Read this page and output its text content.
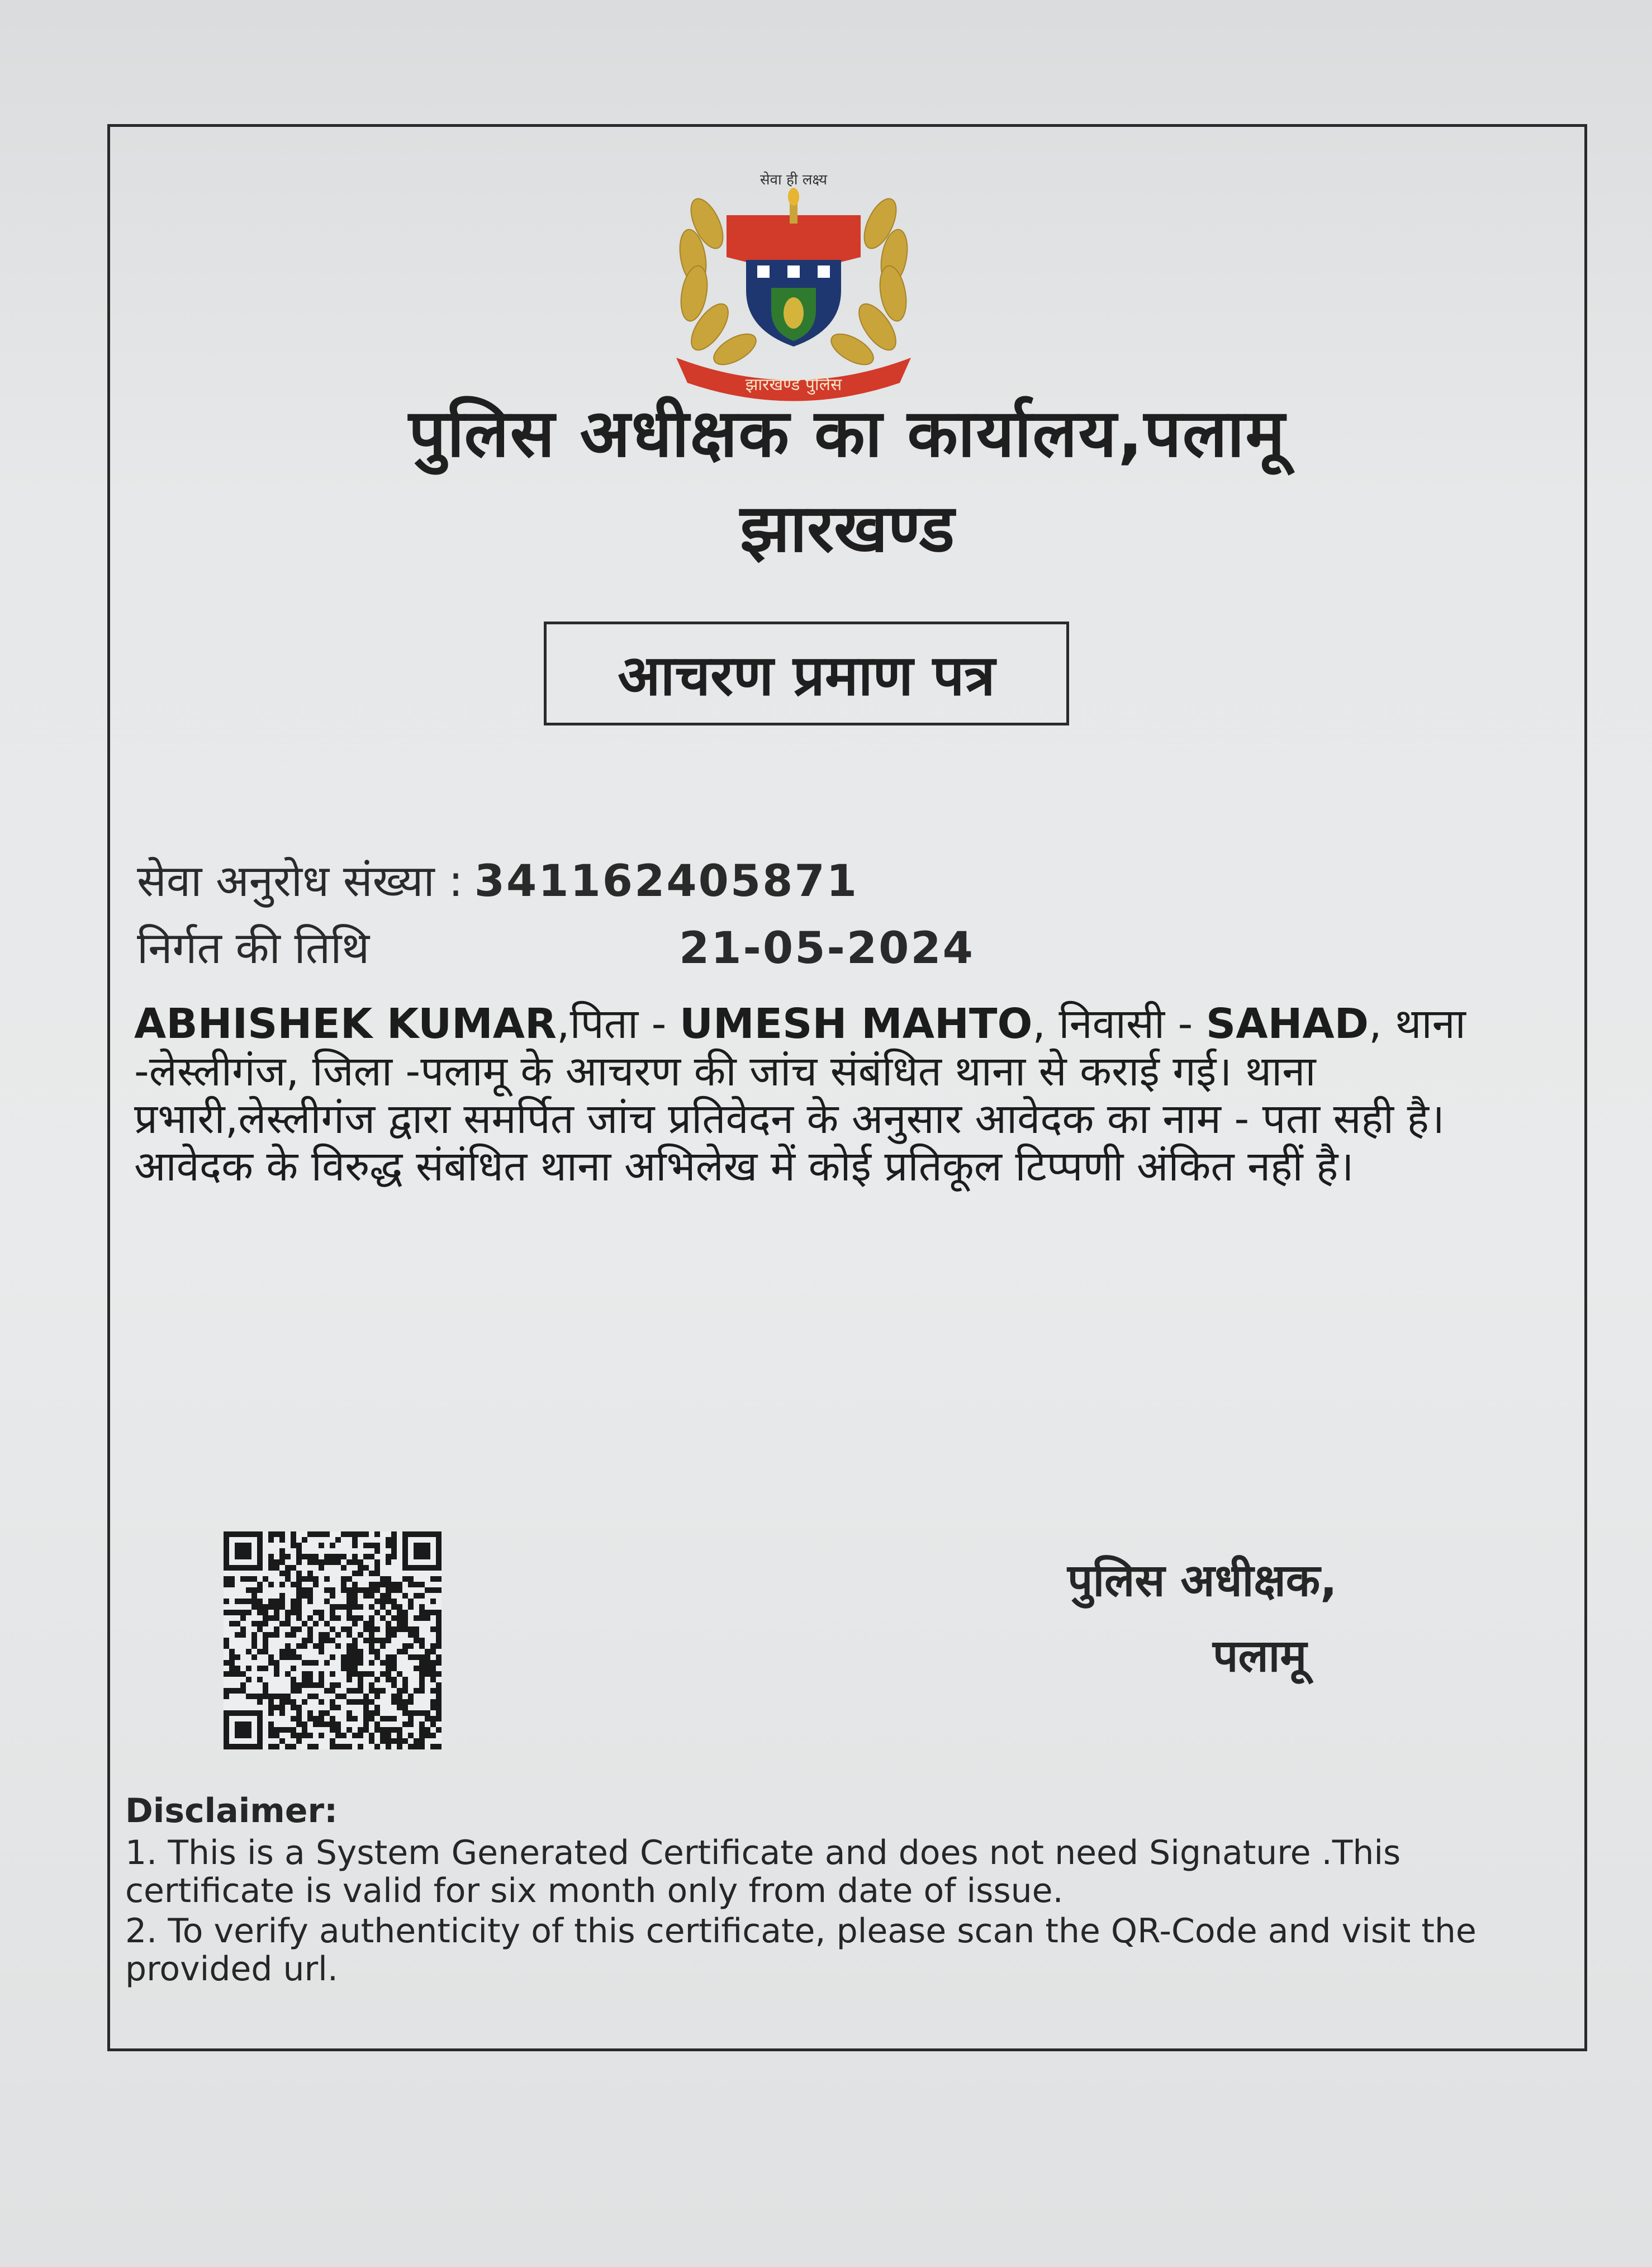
सेवा ही लक्ष्य
झारखण्ड पुलिस
पुलिस अधीक्षक का कार्यालय,पलामू
झारखण्ड
आचरण प्रमाण पत्र
सेवा अनुरोध संख्या : 341162405871
निर्गत की तिथि	21-05-2024
ABHISHEK KUMAR,पिता - UMESH MAHTO, निवासी - SAHAD, थाना -लेस्लीगंज, जिला -पलामू के आचरण की जांच संबंधित थाना से कराई गई। थाना प्रभारी,लेस्लीगंज द्वारा समर्पित जांच प्रतिवेदन के अनुसार आवेदक का नाम - पता सही है। आवेदक के विरुद्ध संबंधित थाना अभिलेख में कोई प्रतिकूल टिप्पणी अंकित नहीं है।
पुलिस अधीक्षक,
पलामू
Disclaimer:
1. This is a System Generated Certificate and does not need Signature .This certificate is valid for six month only from date of issue.
2. To verify authenticity of this certificate, please scan the QR-Code and visit the provided url.
